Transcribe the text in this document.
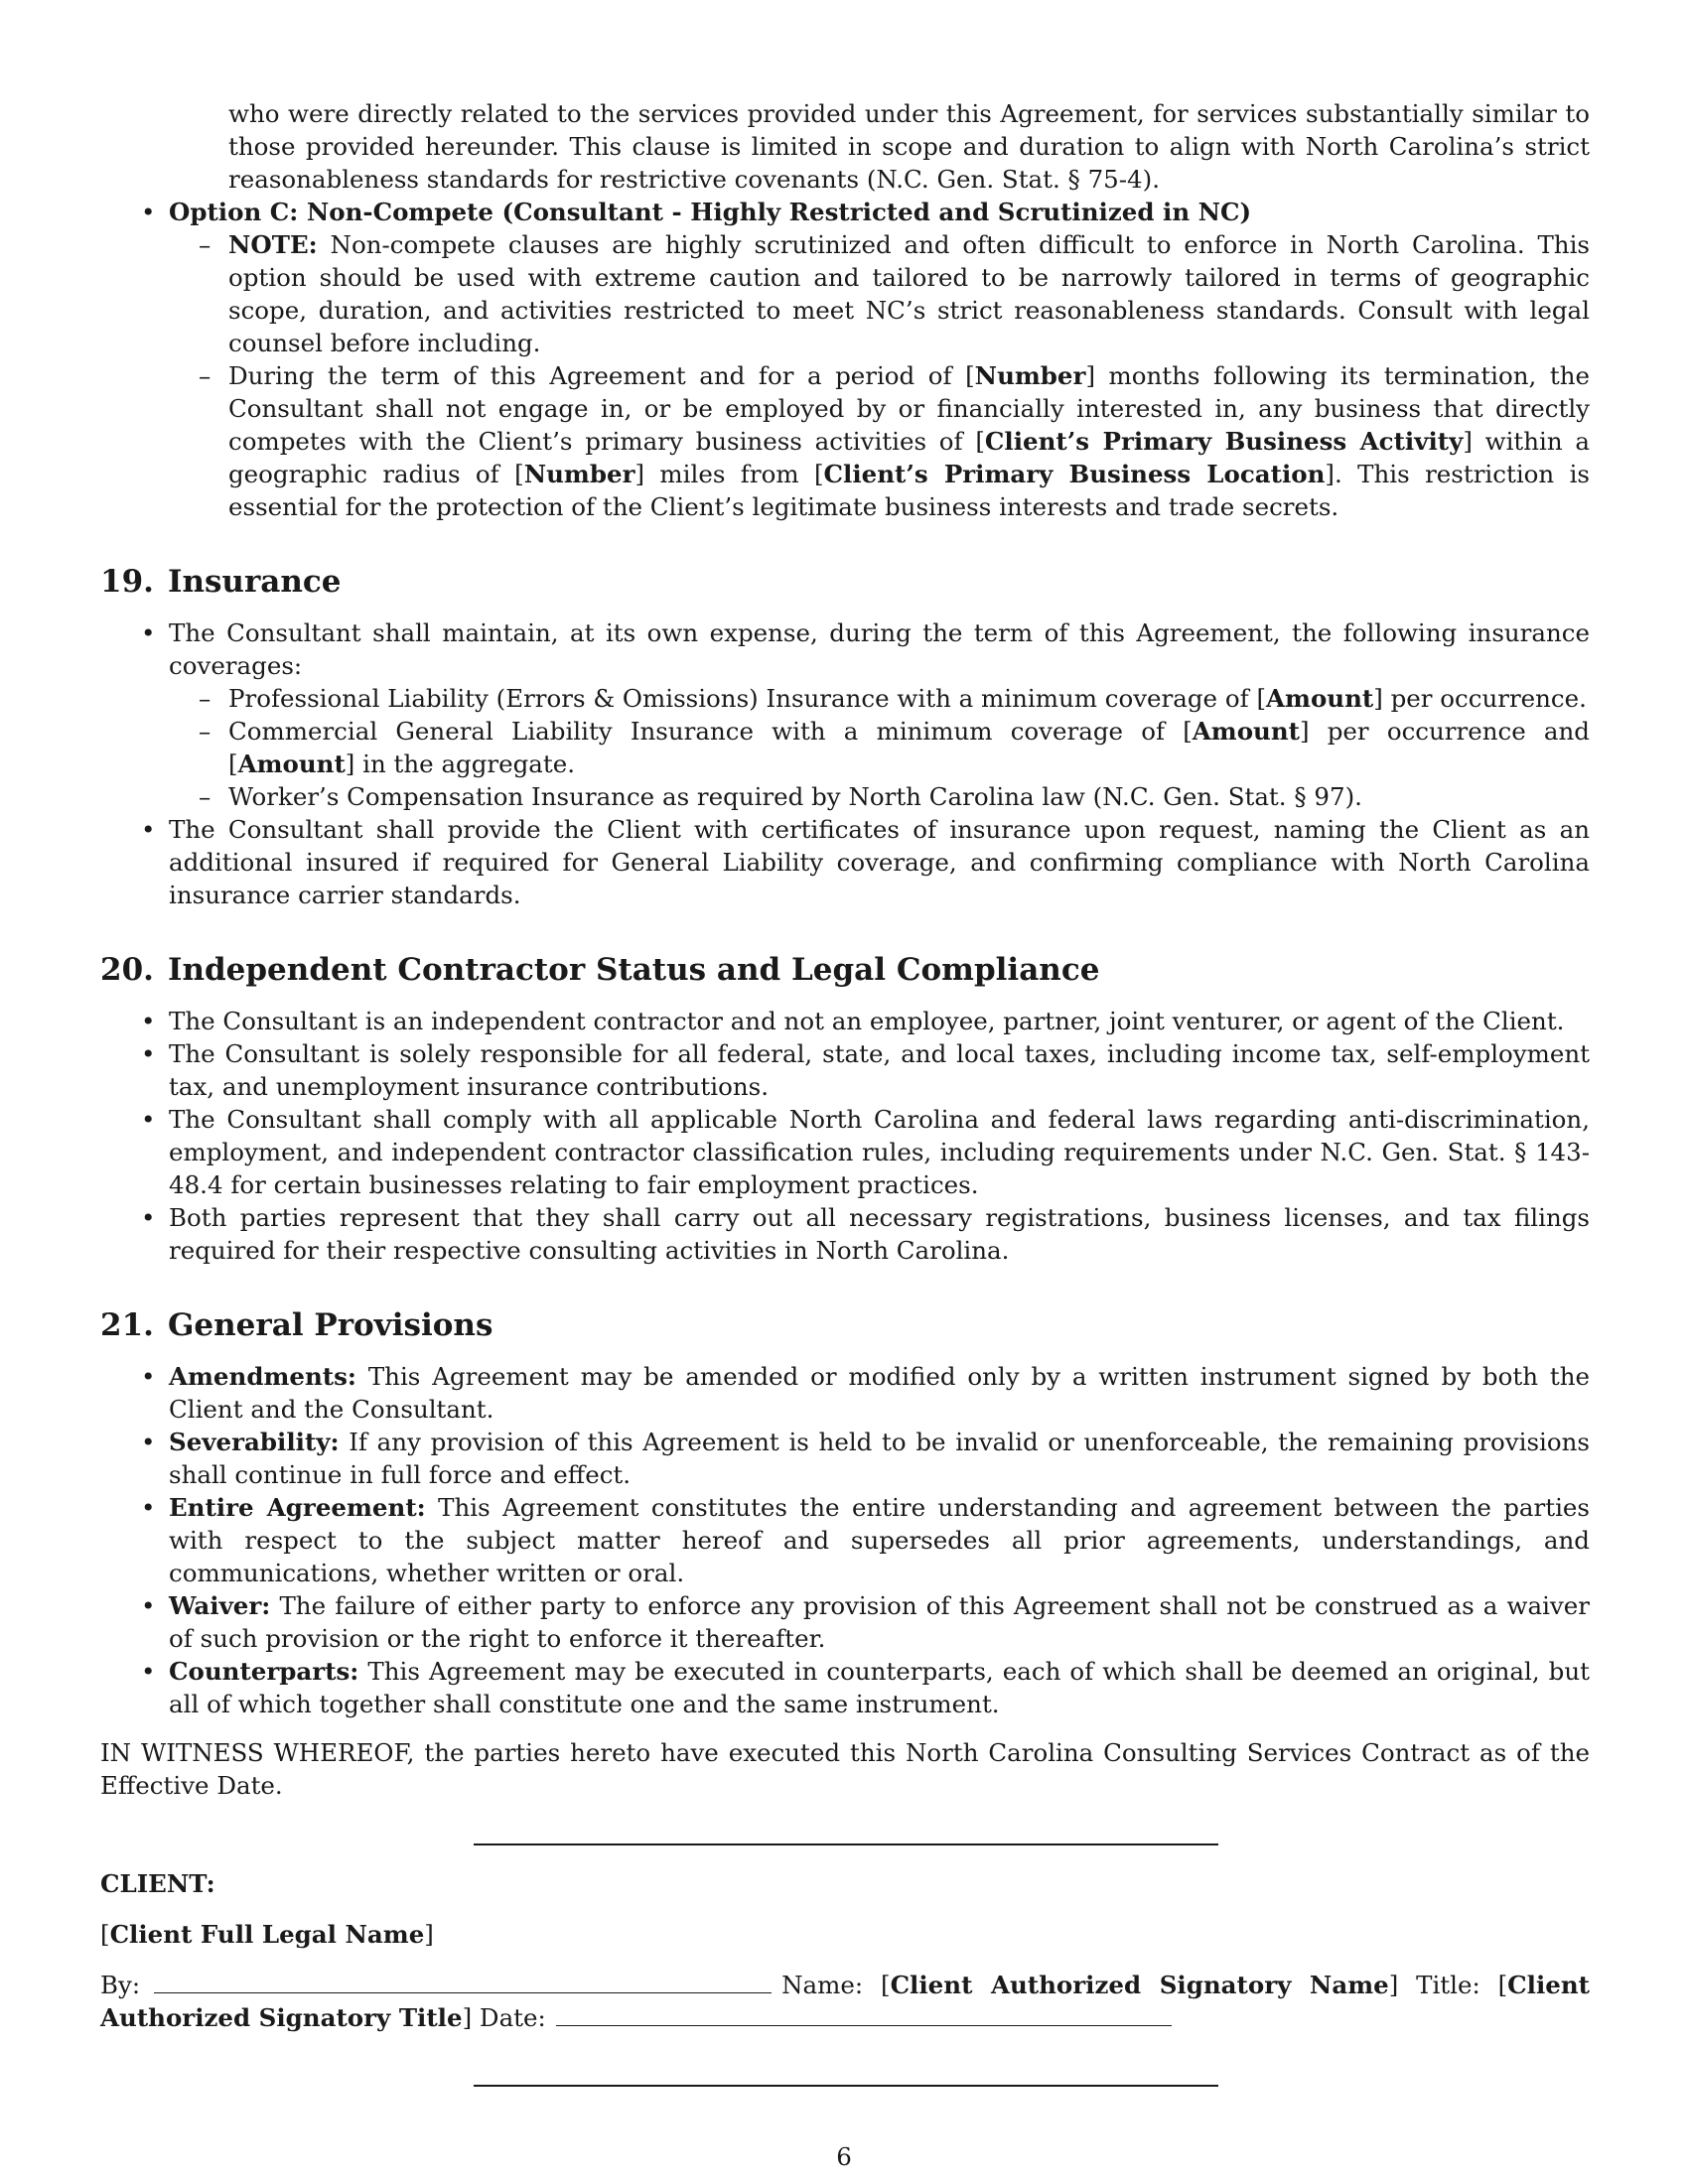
who were directly related to the services provided under this Agreement, for services substantially similar to those provided hereunder. This clause is limited in scope and duration to align with North Carolina’s strict reasonableness standards for restrictive covenants (N.C. Gen. Stat. § 75-4).

• Option C: Non-Compete (Consultant - Highly Restricted and Scrutinized in NC)
– NOTE: Non-compete clauses are highly scrutinized and often difficult to enforce in North Carolina. This option should be used with extreme caution and tailored to be narrowly tailored in terms of geographic scope, duration, and activities restricted to meet NC’s strict reasonableness standards. Consult with legal counsel before including.
– During the term of this Agreement and for a period of [Number] months following its termination, the Consultant shall not engage in, or be employed by or financially interested in, any business that directly competes with the Client’s primary business activities of [Client’s Primary Business Activity] within a geographic radius of [Number] miles from [Client’s Primary Business Location]. This restriction is essential for the protection of the Client’s legitimate business interests and trade secrets.
19. Insurance
• The Consultant shall maintain, at its own expense, during the term of this Agreement, the following insurance coverages:
– Professional Liability (Errors & Omissions) Insurance with a minimum coverage of [Amount] per occurrence.
– Commercial General Liability Insurance with a minimum coverage of [Amount] per occurrence and [Amount] in the aggregate.
– Worker’s Compensation Insurance as required by North Carolina law (N.C. Gen. Stat. § 97).
• The Consultant shall provide the Client with certificates of insurance upon request, naming the Client as an additional insured if required for General Liability coverage, and confirming compliance with North Carolina insurance carrier standards.
20. Independent Contractor Status and Legal Compliance
• The Consultant is an independent contractor and not an employee, partner, joint venturer, or agent of the Client.
• The Consultant is solely responsible for all federal, state, and local taxes, including income tax, self-employment tax, and unemployment insurance contributions.
• The Consultant shall comply with all applicable North Carolina and federal laws regarding anti-discrimination, employment, and independent contractor classification rules, including requirements under N.C. Gen. Stat. § 143-48.4 for certain businesses relating to fair employment practices.
• Both parties represent that they shall carry out all necessary registrations, business licenses, and tax filings required for their respective consulting activities in North Carolina.
21. General Provisions
• Amendments: This Agreement may be amended or modified only by a written instrument signed by both the Client and the Consultant.
• Severability: If any provision of this Agreement is held to be invalid or unenforceable, the remaining provisions shall continue in full force and effect.
• Entire Agreement: This Agreement constitutes the entire understanding and agreement between the parties with respect to the subject matter hereof and supersedes all prior agreements, understandings, and communications, whether written or oral.
• Waiver: The failure of either party to enforce any provision of this Agreement shall not be construed as a waiver of such provision or the right to enforce it thereafter.
• Counterparts: This Agreement may be executed in counterparts, each of which shall be deemed an original, but all of which together shall constitute one and the same instrument.

IN WITNESS WHEREOF, the parties hereto have executed this North Carolina Consulting Services Contract as of the Effective Date.

CLIENT:

[Client Full Legal Name]

By:	Name: [Client Authorized Signatory Name] Title: [Client Authorized Signatory Title] Date:

6
